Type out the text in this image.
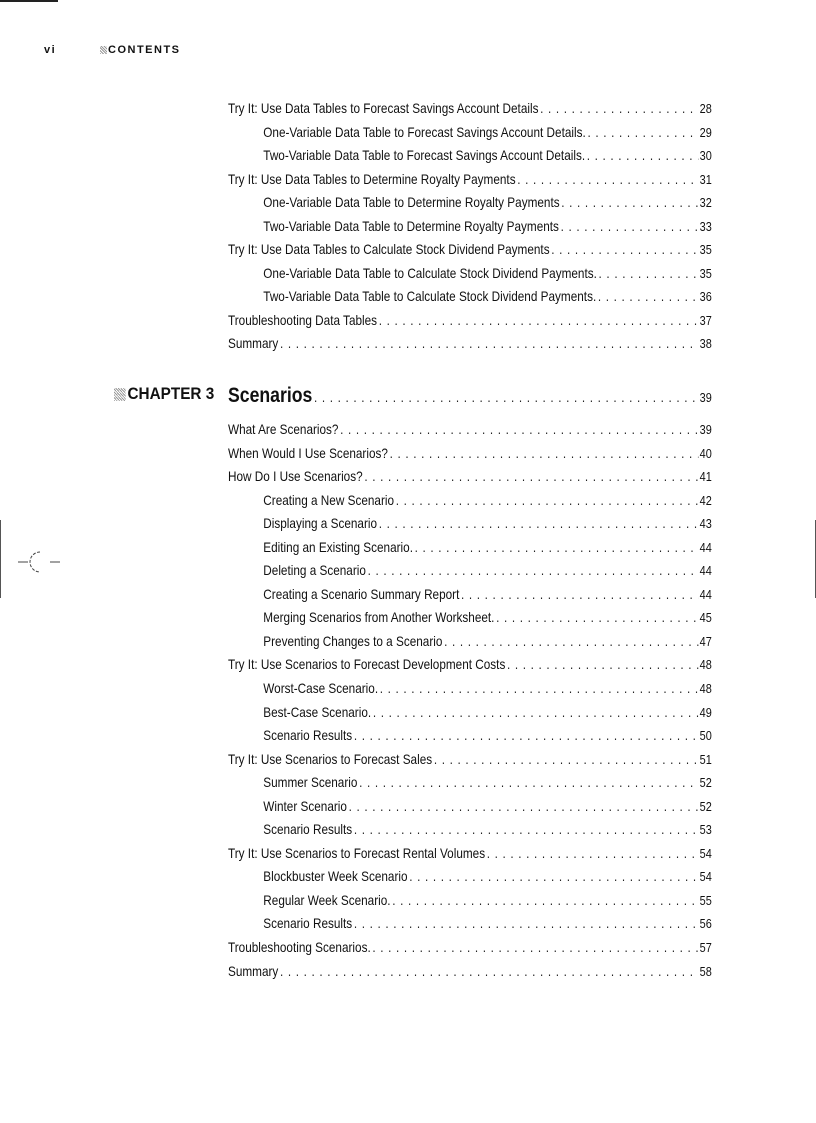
vi	CONTENTS
Try It: Use Data Tables to Forecast Savings Account Details . . .	28
One-Variable Data Table to Forecast Savings Account Details. . . .	29
Two-Variable Data Table to Forecast Savings Account Details. . . .	30
Try It: Use Data Tables to Determine Royalty Payments . . .	31
One-Variable Data Table to Determine Royalty Payments . . .	32
Two-Variable Data Table to Determine Royalty Payments . . .	33
Try It: Use Data Tables to Calculate Stock Dividend Payments . . .	35
One-Variable Data Table to Calculate Stock Dividend Payments. . . .	35
Two-Variable Data Table to Calculate Stock Dividend Payments. . . .	36
Troubleshooting Data Tables . . .	37
Summary . . .	38
CHAPTER 3 Scenarios . . .	39
What Are Scenarios? . . .	39
When Would I Use Scenarios? . . .	40
How Do I Use Scenarios? . . .	41
Creating a New Scenario . . .	42
Displaying a Scenario . . .	43
Editing an Existing Scenario. . . .	44
Deleting a Scenario . . .	44
Creating a Scenario Summary Report . . .	44
Merging Scenarios from Another Worksheet. . . .	45
Preventing Changes to a Scenario . . .	47
Try It: Use Scenarios to Forecast Development Costs . . .	48
Worst-Case Scenario. . . .	48
Best-Case Scenario. . . .	49
Scenario Results . . .	50
Try It: Use Scenarios to Forecast Sales . . .	51
Summer Scenario . . .	52
Winter Scenario . . .	52
Scenario Results . . .	53
Try It: Use Scenarios to Forecast Rental Volumes . . .	54
Blockbuster Week Scenario . . .	54
Regular Week Scenario. . . .	55
Scenario Results . . .	56
Troubleshooting Scenarios. . . .	57
Summary . . .	58
